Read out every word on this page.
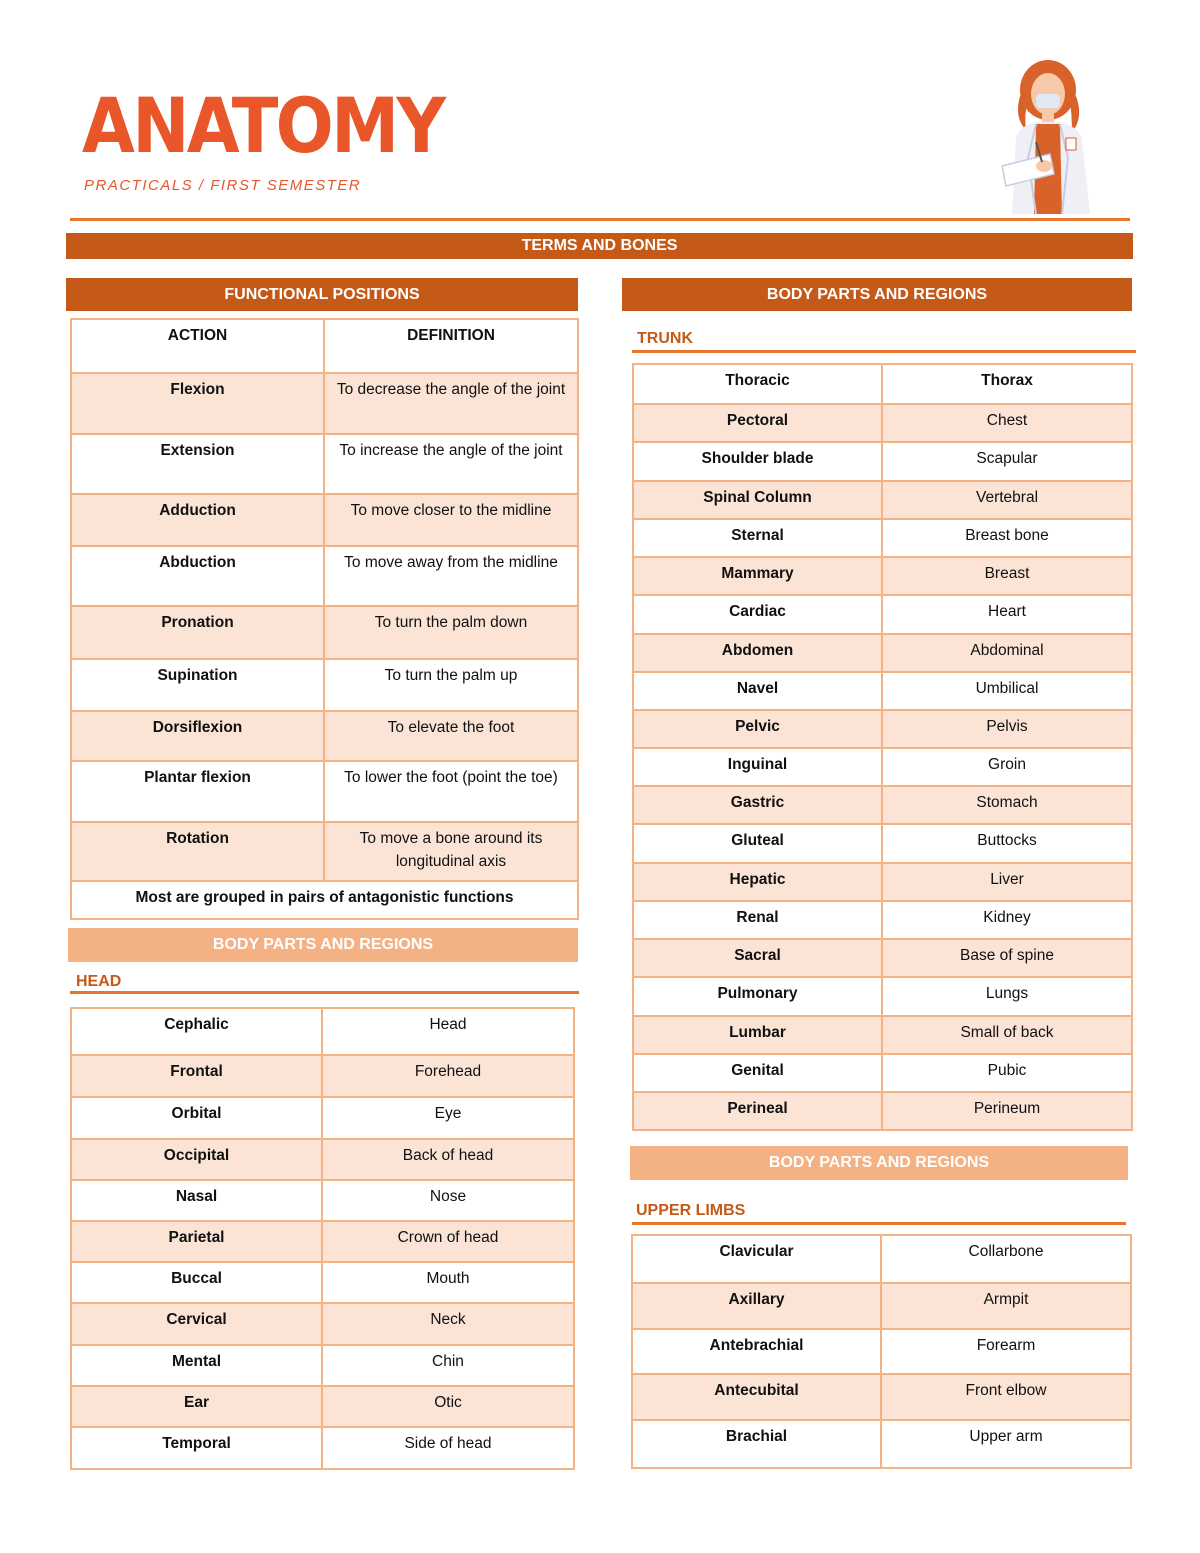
ANATOMY
PRACTICALS / FIRST SEMESTER
TERMS AND BONES
FUNCTIONAL POSITIONS
ACTION	DEFINITION
Flexion	To decrease the angle of the joint
Extension	To increase the angle of the joint
Adduction	To move closer to the midline
Abduction	To move away from the midline
Pronation	To turn the palm down
Supination	To turn the palm up
Dorsiflexion	To elevate the foot
Plantar flexion	To lower the foot (point the toe)
Rotation	To move a bone around its longitudinal axis
Most are grouped in pairs of antagonistic functions	
BODY PARTS AND REGIONS
HEAD
Cephalic	Head
Frontal	Forehead
Orbital	Eye
Occipital	Back of head
Nasal	Nose
Parietal	Crown of head
Buccal	Mouth
Cervical	Neck
Mental	Chin
Ear	Otic
Temporal	Side of head
BODY PARTS AND REGIONS
TRUNK
Thoracic	Thorax
Pectoral	Chest
Shoulder blade	Scapular
Spinal Column	Vertebral
Sternal	Breast bone
Mammary	Breast
Cardiac	Heart
Abdomen	Abdominal
Navel	Umbilical
Pelvic	Pelvis
Inguinal	Groin
Gastric	Stomach
Gluteal	Buttocks
Hepatic	Liver
Renal	Kidney
Sacral	Base of spine
Pulmonary	Lungs
Lumbar	Small of back
Genital	Pubic
Perineal	Perineum
BODY PARTS AND REGIONS
UPPER LIMBS
Clavicular	Collarbone
Axillary	Armpit
Antebrachial	Forearm
Antecubital	Front elbow
Brachial	Upper arm
